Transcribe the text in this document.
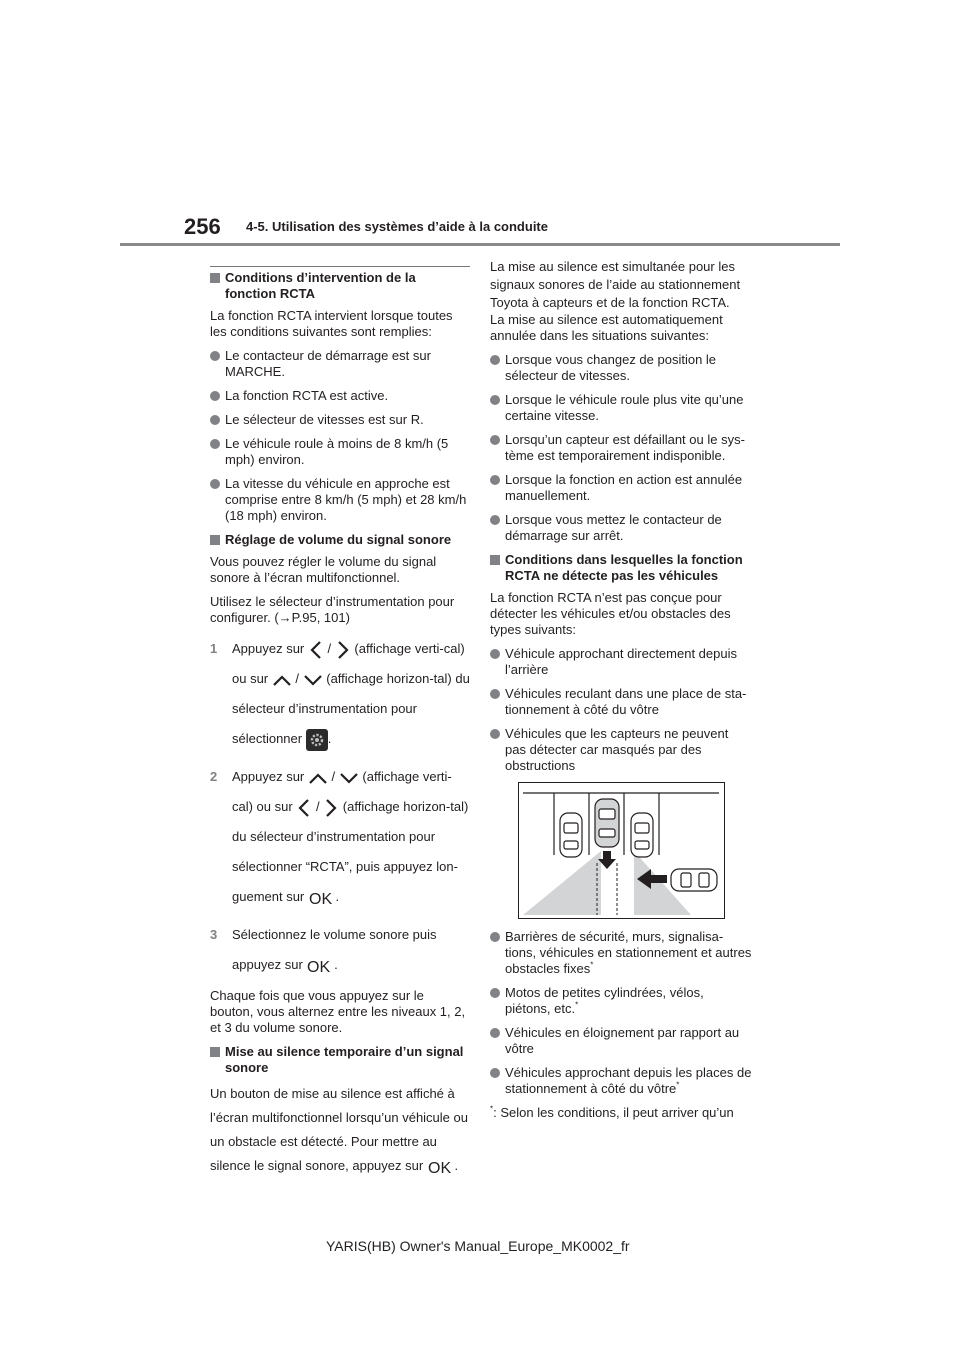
256 4-5. Utilisation des systèmes d’aide à la conduite
Conditions d’intervention de la fonction RCTA

La fonction RCTA intervient lorsque toutes les conditions suivantes sont remplies:

Le contacteur de démarrage est sur MARCHE.
La fonction RCTA est active.
Le sélecteur de vitesses est sur R.
Le véhicule roule à moins de 8 km/h (5 mph) environ.
La vitesse du véhicule en approche est comprise entre 8 km/h (5 mph) et 28 km/h (18 mph) environ.
Réglage de volume du signal sonore

Vous pouvez régler le volume du signal sonore à l’écran multifonctionnel.

Utilisez le sélecteur d’instrumentation pour configurer. (→P.95, 101)

1 Appuyez sur / (affichage verti-cal) ou sur  /  (affichage horizon-tal) du sélecteur d’instrumentation pour sélectionner .
2 Appuyez sur / (affichage verti-cal) ou sur  /  (affichage horizon-tal) du sélecteur d’instrumentation pour sélectionner “RCTA”, puis appuyez lon-guement sur OK .
3 Sélectionnez le volume sonore puis appuyez sur OK .

Chaque fois que vous appuyez sur le bouton, vous alternez entre les niveaux 1, 2, et 3 du volume sonore.

Mise au silence temporaire d’un signal sonore

Un bouton de mise au silence est affiché à l’écran multifonctionnel lorsqu’un véhicule ou un obstacle est détecté. Pour mettre au silence le signal sonore, appuyez sur OK .

La mise au silence est simultanée pour les signaux sonores de l’aide au stationnement Toyota à capteurs et de la fonction RCTA.

La mise au silence est automatiquement annulée dans les situations suivantes:

Lorsque vous changez de position le sélecteur de vitesses.
Lorsque le véhicule roule plus vite qu’une certaine vitesse.
Lorsqu’un capteur est défaillant ou le sys-tème est temporairement indisponible.
Lorsque la fonction en action est annulée manuellement.
Lorsque vous mettez le contacteur de démarrage sur arrêt.
Conditions dans lesquelles la fonction RCTA ne détecte pas les véhicules

La fonction RCTA n’est pas conçue pour détecter les véhicules et/ou obstacles des types suivants:

Véhicule approchant directement depuis l’arrière
Véhicules reculant dans une place de sta-tionnement à côté du vôtre
Véhicules que les capteurs ne peuvent pas détecter car masqués par des obstructions
Barrières de sécurité, murs, signalisa-tions, véhicules en stationnement et autres obstacles fixes*
Motos de petites cylindrées, vélos, piétons, etc.*
Véhicules en éloignement par rapport au vôtre
Véhicules approchant depuis les places de stationnement à côté du vôtre*

*: Selon les conditions, il peut arriver qu’un

YARIS(HB) Owner's Manual_Europe_MK0002_fr
